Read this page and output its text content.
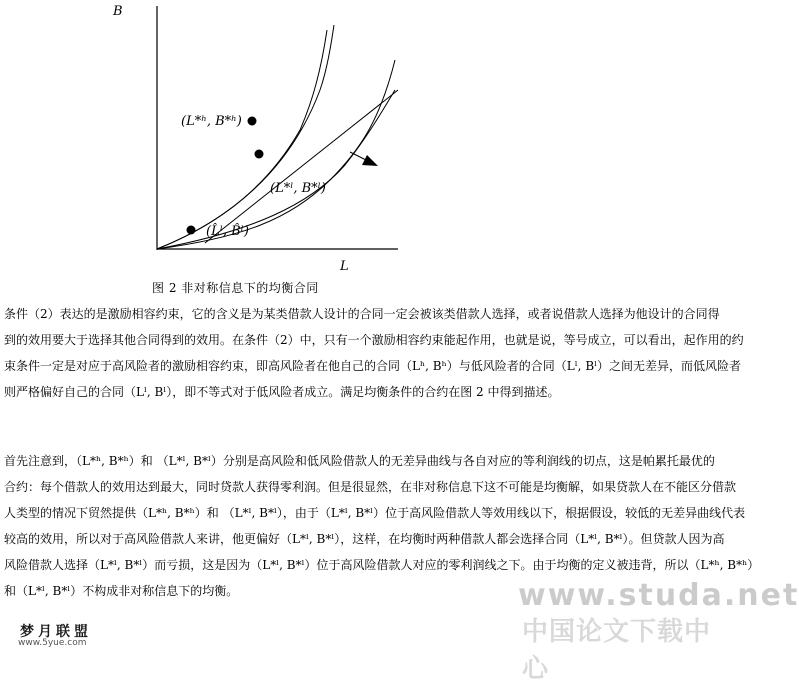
B
L
(L*ʰ, B*ʰ)
(L*ˡ, B*ˡ)
(L̂ˡ, B̂ˡ)
图 2 非对称信息下的均衡合同
条件（2）表达的是激励相容约束，它的含义是为某类借款人设计的合同一定会被该类借款人选择，或者说借款人选择为他设计的合同得
到的效用要大于选择其他合同得到的效用。在条件（2）中，只有一个激励相容约束能起作用，也就是说，等号成立，可以看出，起作用的约
束条件一定是对应于高风险者的激励相容约束，即高风险者在他自己的合同（Lʰ, Bʰ）与低风险者的合同（Lˡ, Bˡ）之间无差异，而低风险者
则严格偏好自己的合同（Lˡ, Bˡ），即不等式对于低风险者成立。满足均衡条件的合约在图 2 中得到描述。
首先注意到，（L*ʰ, B*ʰ）和 （L*ˡ, B*ˡ）分别是高风险和低风险借款人的无差异曲线与各自对应的等利润线的切点，这是帕累托最优的
合约：每个借款人的效用达到最大，同时贷款人获得零利润。但是很显然，在非对称信息下这不可能是均衡解，如果贷款人在不能区分借款
人类型的情况下贸然提供（L*ʰ, B*ʰ）和 （L*ˡ, B*ˡ），由于（L*ˡ, B*ˡ）位于高风险借款人等效用线以下，根据假设，较低的无差异曲线代表
较高的效用，所以对于高风险借款人来讲，他更偏好（L*ˡ, B*ˡ），这样，在均衡时两种借款人都会选择合同（L*ˡ, B*ˡ）。但贷款人因为高
风险借款人选择（L*ˡ, B*ˡ）而亏损，这是因为（L*ˡ, B*ˡ）位于高风险借款人对应的零利润线之下。由于均衡的定义被违背，所以（L*ʰ, B*ʰ）
和（L*ˡ, B*ˡ）不构成非对称信息下的均衡。	www.studa.net
中国论文下载中心
梦月联盟
www.5yue.com
